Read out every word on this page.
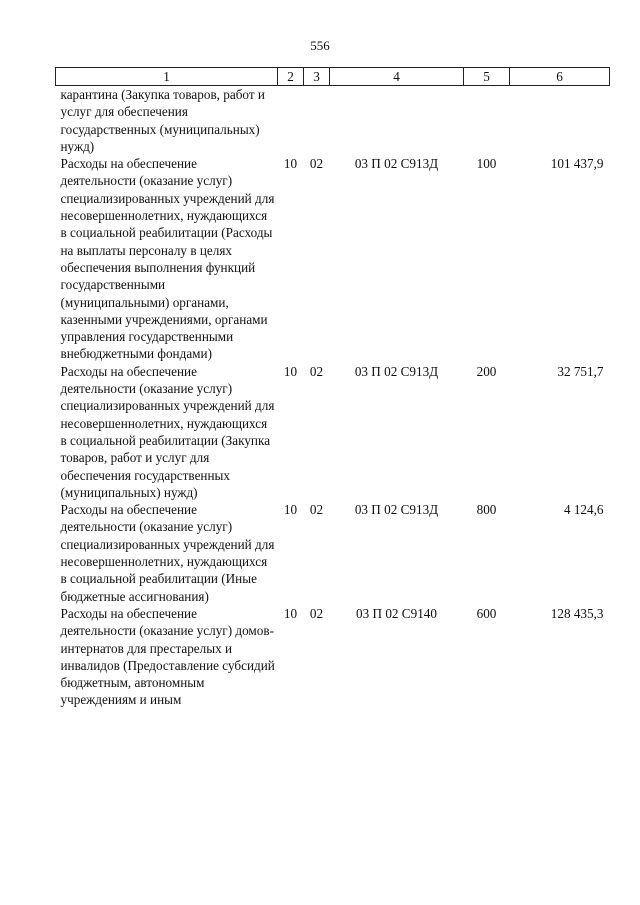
556
1	2	3	4	5	6
карантина (Закупка товаров, работ и услуг для обеспечения государственных (муниципальных) нужд)					
Расходы на обеспечение деятельности (оказание услуг) специализированных учреждений для несовершеннолетних, нуждающихся в социальной реабилитации (Расходы на выплаты персоналу в целях обеспечения выполнения функций государственными (муниципальными) органами, казенными учреждениями, органами управления государственными внебюджетными фондами)	10	02	03 П 02 С913Д	100	101 437,9
Расходы на обеспечение деятельности (оказание услуг) специализированных учреждений для несовершеннолетних, нуждающихся в социальной реабилитации (Закупка товаров, работ и услуг для обеспечения государственных (муниципальных) нужд)	10	02	03 П 02 С913Д	200	32 751,7
Расходы на обеспечение деятельности (оказание услуг) специализированных учреждений для несовершеннолетних, нуждающихся в социальной реабилитации (Иные бюджетные ассигнования)	10	02	03 П 02 С913Д	800	4 124,6
Расходы на обеспечение деятельности (оказание услуг) домов-интернатов для престарелых и инвалидов (Предоставление субсидий бюджетным, автономным учреждениям и иным	10	02	03 П 02 С9140	600	128 435,3
